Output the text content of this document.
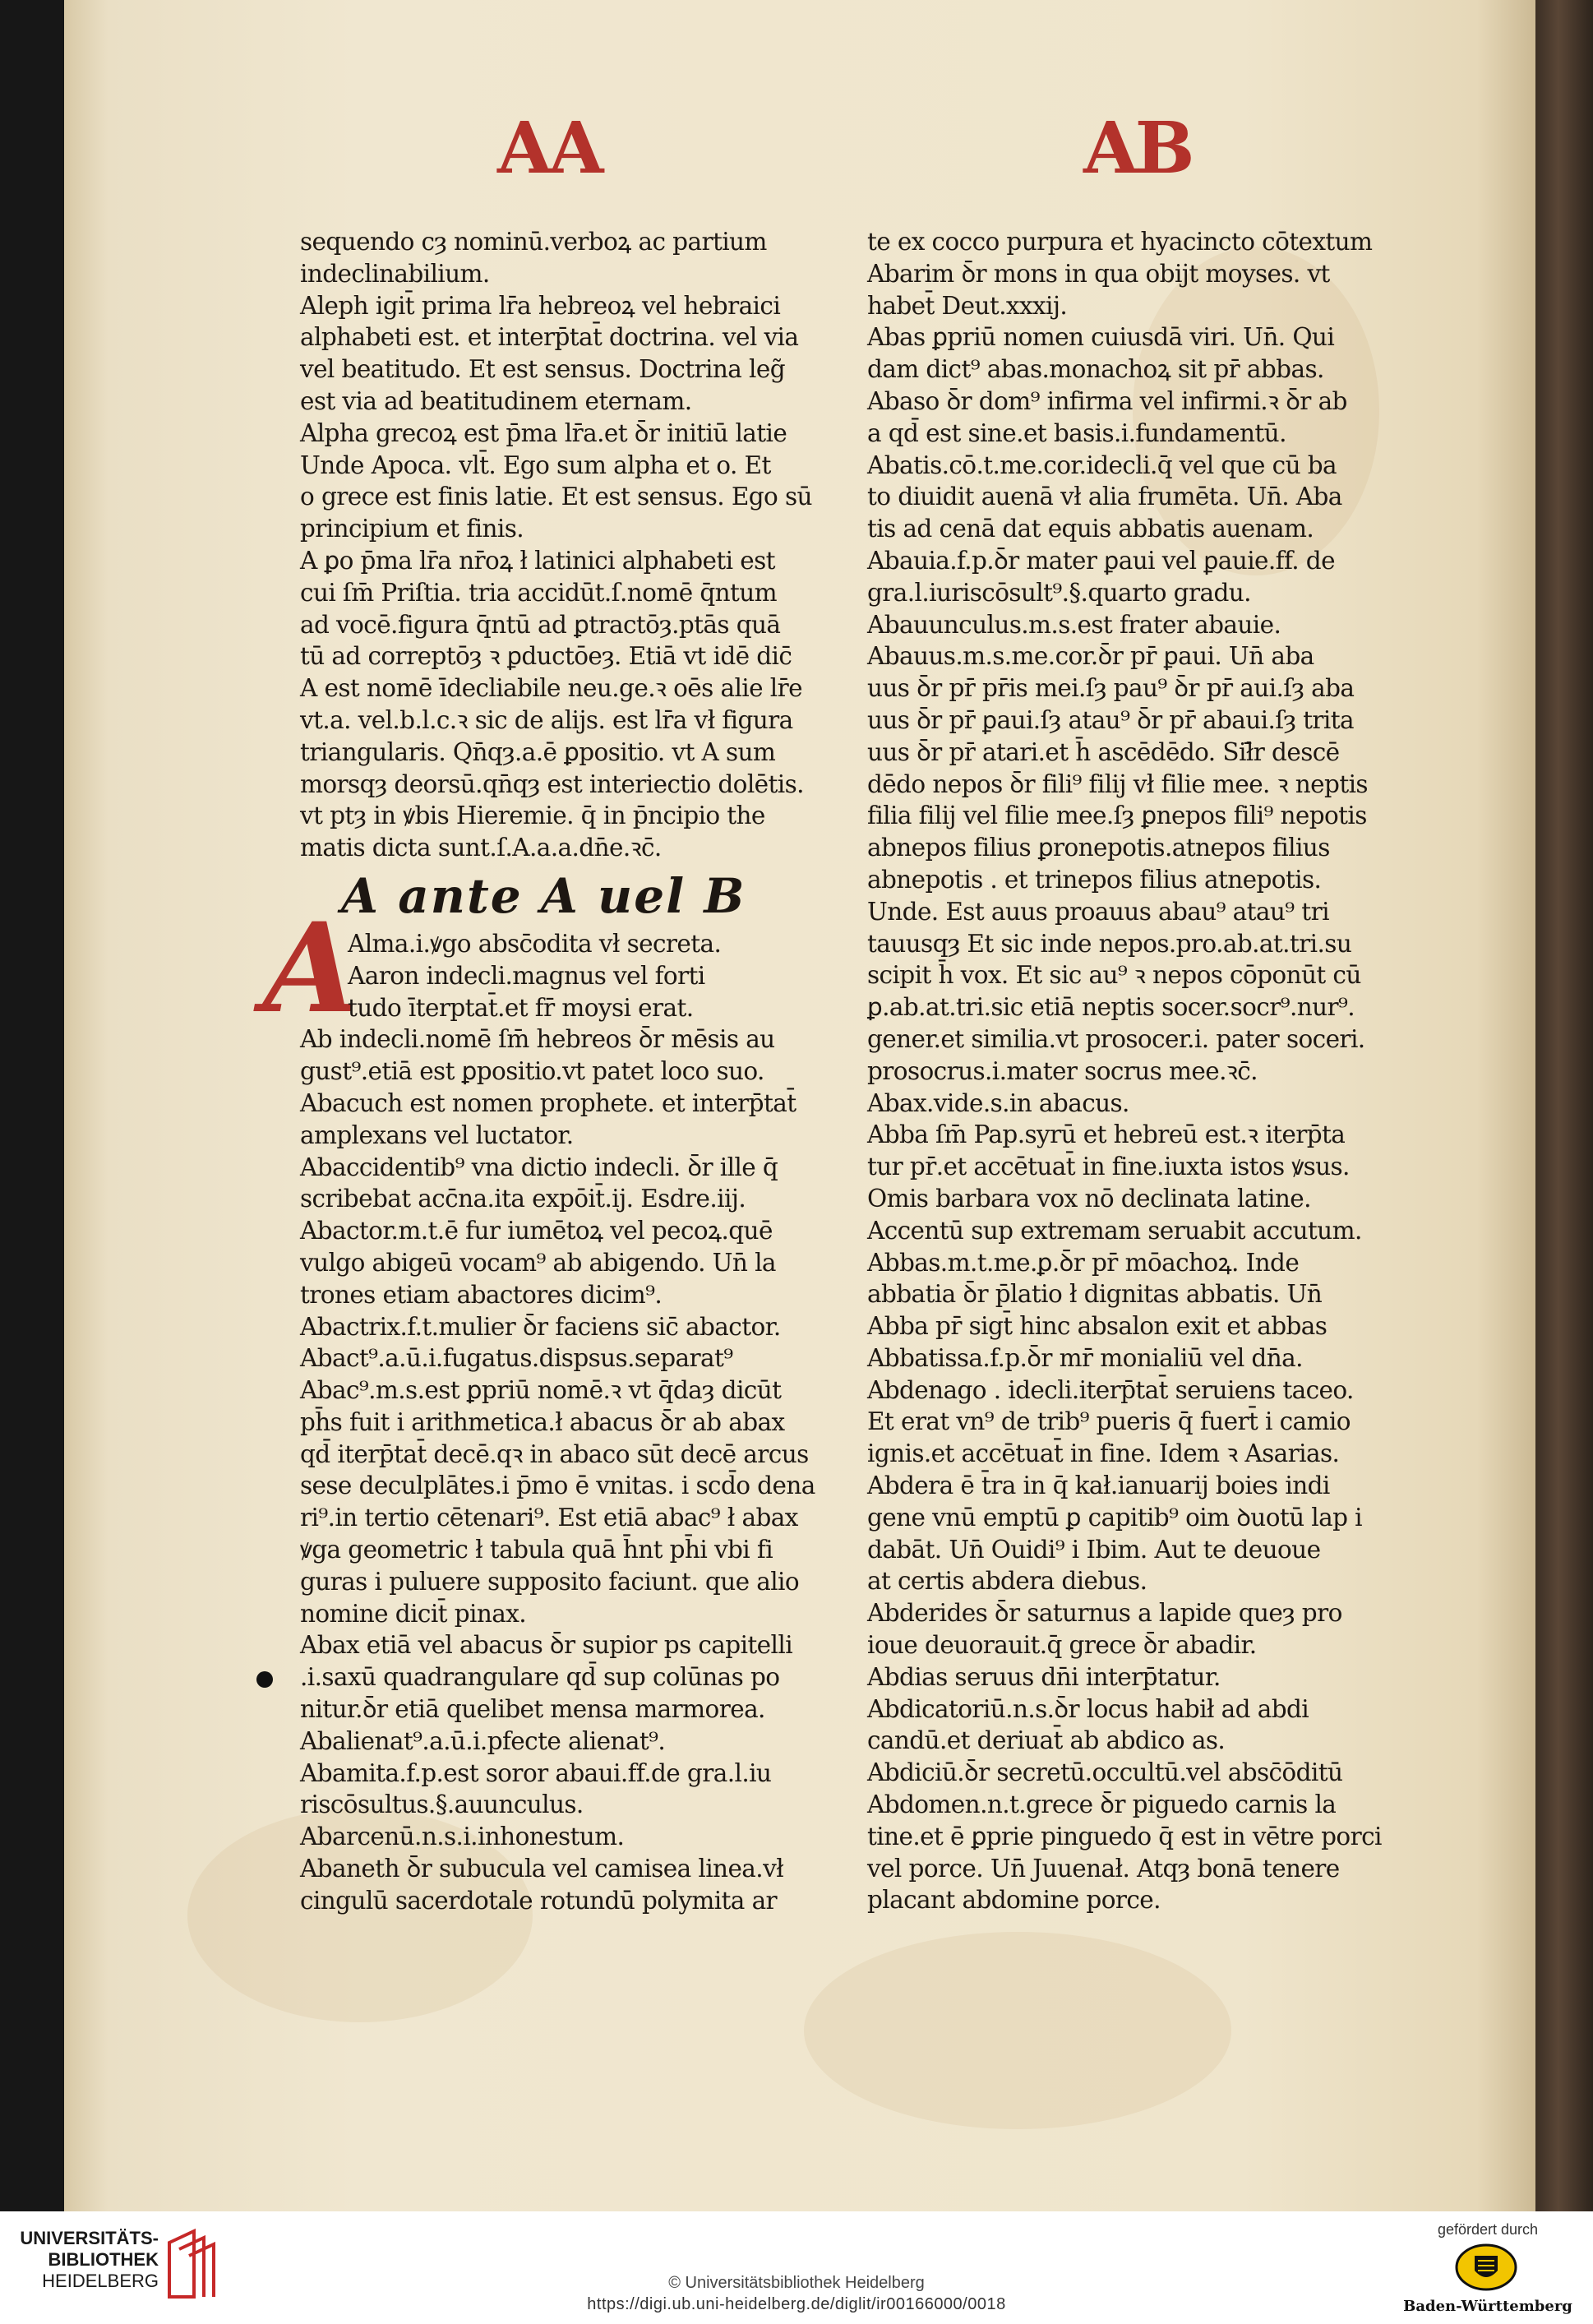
AA	AB
A
sequendo cȝ nominū.verboꝝ ac partium
indeclinabilium.
Aleph igit̄ prima lr̄a hebreoꝝ vel hebraici
alphabeti est. et interp̄tat̄ doctrina. vel via
vel beatitudo. Et est sensus. Doctrina leg̃
est via ad beatitudinem eternam.
Alpha grecoꝝ est p̄ma lr̄a.et ꝺ̄r initiū latie
Unde Apoca. vlt̄. Ego sum alpha et o. Et
o grece est finis latie. Et est sensus. Ego sū
principium et finis.
A ꝑo p̄ma lr̄a nr̄oꝝ ł latinici alphabeti est
cui ſm̄ Priſtia. tria accidūt.ſ.nomē q̄ntum
ad vocē.figura q̄ntū ad ꝑtractōȝ.ptās quā
tū ad correptōȝ ꝛ ꝑductōeȝ. Etiā vt idē dic̄
A est nomē īdecliabile neu.ge.ꝛ oēs alie lr̄e
vt.a. vel.b.l.c.ꝛ sic de alijs. est lr̄a vł figura
triangularis. Qn̄qȝ.a.ē ꝑpositio. vt A sum
morsqȝ deorsū.qn̄qȝ est interiectio dolētis.
vt ptȝ in ꝟbis Hieremie. q̄ in p̄ncipio the
matis dicta sunt.ſ.A.a.a.dn̄e.ꝛc̄.
A ante A uel B
Alma.i.ꝟgo absc̄odita vł secreta.
Aaron indecli.magnus vel forti
tudo īterptat̄.et fr̄ moysi erat.
Ab indecli.nomē ſm̄ hebreos ꝺ̄r mēsis au
gust⁹.etiā est ꝑpositio.vt patet loco suo.
Abacuch est nomen prophete. et interp̄tat̄
amplexans vel luctator.
Abaccidentib⁹ vna dictio indecli. ꝺ̄r ille q̄
scribebat acc̄na.ita expōit̄.ij. Esdre.iij.
Abactor.m.t.ē fur iumētoꝝ vel pecoꝝ.quē
vulgo abigeū vocam⁹ ab abigendo. Un̄ la
trones etiam abactores dicim⁹.
Abactrix.f.t.mulier ꝺ̄r faciens sic̄ abactor.
Abact⁹.a.ū.i.fugatus.dispsus.separat⁹
Abac⁹.m.s.est ꝑpriū nomē.ꝛ vt q̄daȝ dicūt
ph̄s fuit i arithmetica.ł abacus ꝺ̄r ab abax
qd̄ iterp̄tat̄ decē.qꝛ in abaco sūt decē arcus
sese deculplātes.i p̄mo ē vnitas. i scd̄o dena
ri⁹.in tertio cētenari⁹. Est etiā abac⁹ ł abax
ꝟga geometric ł tabula quā h̄nt ph̄i vbi fi
guras i puluere supposito faciunt. que alio
nomine dicit̄ pinax.
Abax etiā vel abacus ꝺ̄r supior ps capitelli
.i.saxū quadrangulare qd̄ sup colūnas po
nitur.ꝺ̄r etiā quelibet mensa marmorea.
Abalienat⁹.a.ū.i.pfecte alienat⁹.
Abamita.f.p.est soror abaui.ff.de gra.l.iu
riscōsultus.§.auunculus.
Abarcenū.n.s.i.inhonestum.
Abaneth ꝺ̄r subucula vel camisea linea.vł
cingulū sacerdotale rotundū polymita ar
te ex cocco purpura et hyacincto cōtextum
Abarim ꝺ̄r mons in qua obijt moyses. vt
habet̄ Deut.xxxij.
Abas ꝑpriū nomen cuiusdā viri. Un̄. Qui
dam dict⁹ abas.monachoꝝ sit pr̄ abbas.
Abaso ꝺ̄r dom⁹ infirma vel infirmi.ꝛ ꝺ̄r ab
a qd̄ est sine.et basis.i.fundamentū.
Abatis.cō.t.me.cor.idecli.q̄ vel que cū ba
to diuidit auenā vł alia frumēta. Un̄. Aba
tis ad cenā dat equis abbatis auenam.
Abauia.f.p.ꝺ̄r mater ꝑaui vel ꝑauie.ff. de
gra.l.iuriscōsult⁹.§.quarto gradu.
Abauunculus.m.s.est frater abauie.
Abauus.m.s.me.cor.ꝺ̄r pr̄ ꝑaui. Un̄ aba
uus ꝺ̄r pr̄ pr̄is mei.ſȝ pau⁹ ꝺ̄r pr̄ aui.ſȝ aba
uus ꝺ̄r pr̄ ꝑaui.ſȝ atau⁹ ꝺ̄r pr̄ abaui.ſȝ trita
uus ꝺ̄r pr̄ atari.et h̄ ascēdēdo. Sił̄r descē
dēdo nepos ꝺ̄r fili⁹ filij vł filie mee. ꝛ neptis
filia filij vel filie mee.ſȝ ꝑnepos fili⁹ nepotis
abnepos filius ꝑronepotis.atnepos filius
abnepotis . et trinepos filius atnepotis.
Unde. Est auus proauus abau⁹ atau⁹ tri
tauusqȝ Et sic inde nepos.pro.ab.at.tri.su
scipit h̄ vox. Et sic au⁹ ꝛ nepos cōponūt cū
ꝑ.ab.at.tri.sic etiā neptis socer.socr⁹.nur⁹.
gener.et similia.vt prosocer.i. pater soceri.
prosocrus.i.mater socrus mee.ꝛc̄.
Abax.vide.s.in abacus.
Abba ſm̄ Pap.syrū et hebreū est.ꝛ iterp̄ta
tur pr̄.et accētuat̄ in fine.iuxta istos ꝟsus.
Omis barbara vox nō declinata latine.
Accentū sup extremam seruabit accutum.
Abbas.m.t.me.ꝑ.ꝺ̄r pr̄ mōachoꝝ. Inde
abbatia ꝺ̄r p̄latio ł dignitas abbatis. Un̄
Abba pr̄ sigt̄ hinc absalon exit et abbas
Abbatissa.f.p.ꝺ̄r mr̄ monialiū vel dn̄a.
Abdenago . idecli.iterp̄tat̄ seruiens taceo.
Et erat vn⁹ de trib⁹ pueris q̄ fuert̄ i camio
ignis.et accētuat̄ in fine. Idem ꝛ Asarias.
Abdera ē t̄ra in q̄ kał.ianuarij boies indi
gene vnū emptū ꝑ capitib⁹ oim ꝺuotū lap i
dabāt. Un̄ Ouidi⁹ i Ibim. Aut te deuoue
at certis abdera diebus.
Abderides ꝺ̄r saturnus a lapide queȝ pro
ioue deuorauit.q̄ grece ꝺ̄r abadir.
Abdias seruus dn̄i interp̄tatur.
Abdicatoriū.n.s.ꝺ̄r locus habił ad abdi
candū.et deriuat̄ ab abdico as.
Abdiciū.ꝺ̄r secretū.occultū.vel absc̄ōditū
Abdomen.n.t.grece ꝺ̄r piguedo carnis la
tine.et ē ꝑprie pinguedo q̄ est in vētre porci
vel porce. Un̄ Juuenał. Atqȝ bonā tenere
placant abdomine porce.
UNIVERSITÄTS-
BIBLIOTHEK
HEIDELBERG	© Universitätsbibliothek Heidelberg
https://digi.ub.uni-heidelberg.de/diglit/ir00166000/0018
gefördert durch
Baden-Württemberg
